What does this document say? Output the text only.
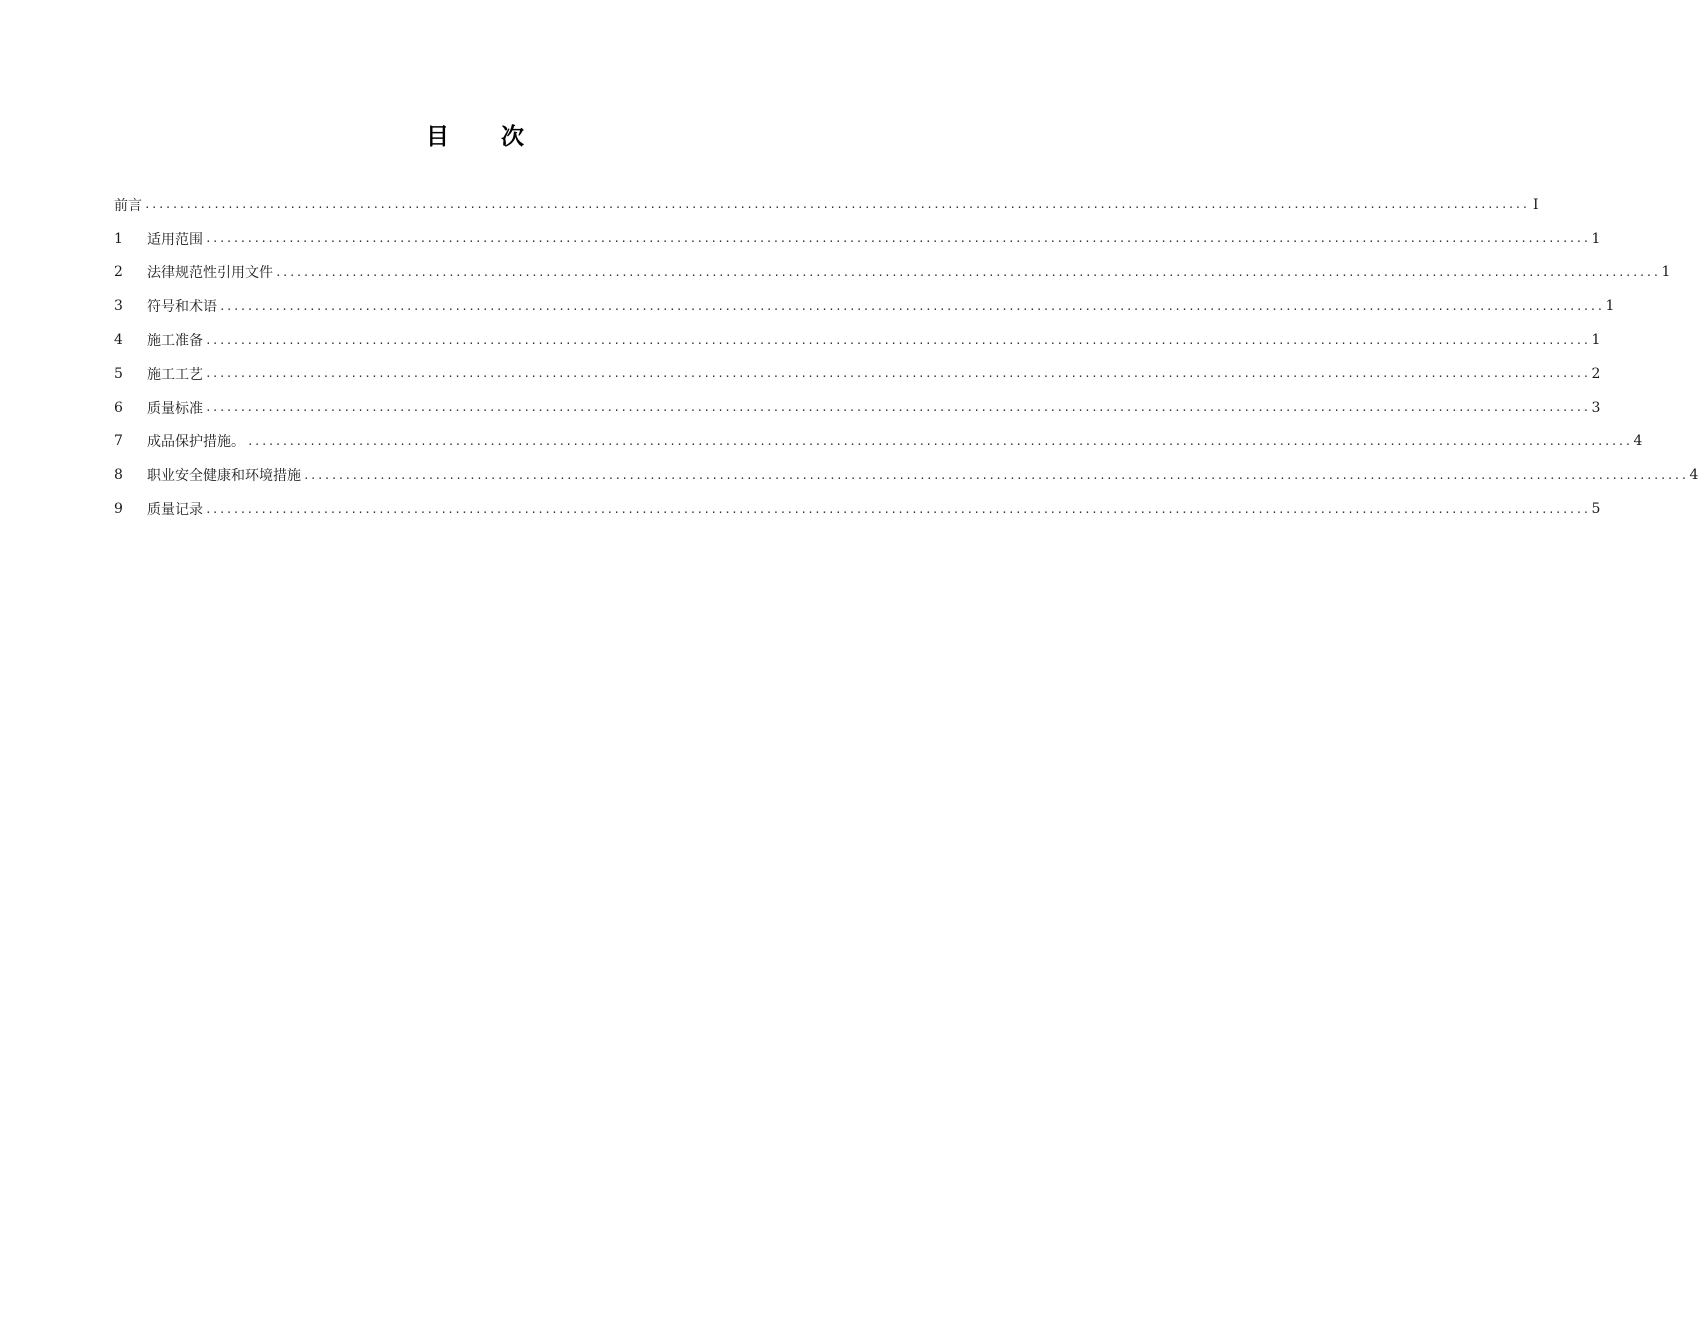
目 次
前 言 ........................................................................................................................................................................................................ I
1	适用范围 ........................................................................................................................................................................................................ 1
2	法律规范性引用文件 ........................................................................................................................................................................................................ 1
3	符号和术语 ........................................................................................................................................................................................................ 1
4	施工准备 ........................................................................................................................................................................................................ 1
5	施工工艺 ........................................................................................................................................................................................................ 2
6	质量标准 ........................................................................................................................................................................................................ 3
7	成品保护措施。 ........................................................................................................................................................................................................ 4
8	职业安全健康和环境措施 ........................................................................................................................................................................................................ 4
9	质量记录 ........................................................................................................................................................................................................ 5
